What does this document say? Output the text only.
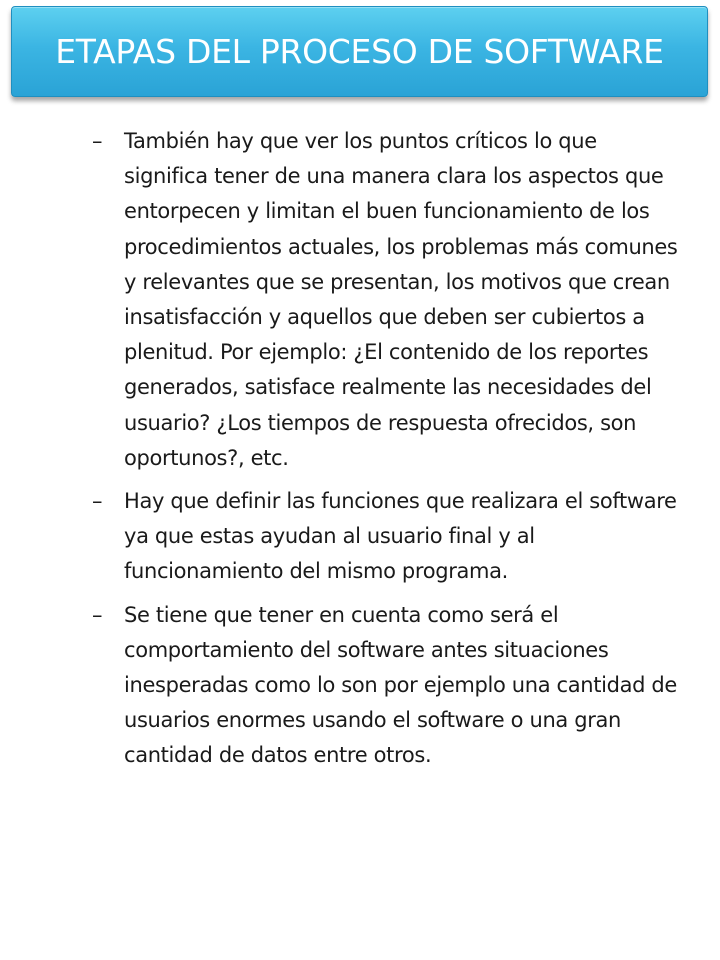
ETAPAS DEL PROCESO DE SOFTWARE
–	También hay que ver los puntos críticos lo que significa tener de una manera clara los aspectos que entorpecen y limitan el buen funcionamiento de los procedimientos actuales, los problemas más comunes y relevantes que se presentan, los motivos que crean insatisfacción y aquellos que deben ser cubiertos a plenitud. Por ejemplo: ¿El contenido de los reportes generados, satisface realmente las necesidades del usuario? ¿Los tiempos de respuesta ofrecidos, son oportunos?, etc.
–	Hay que definir las funciones que realizara el software ya que estas ayudan al usuario final y al funcionamiento del mismo programa.
–	Se tiene que tener en cuenta como será el comportamiento del software antes situaciones inesperadas como lo son por ejemplo una cantidad de usuarios enormes usando el software o una gran cantidad de datos entre otros.
